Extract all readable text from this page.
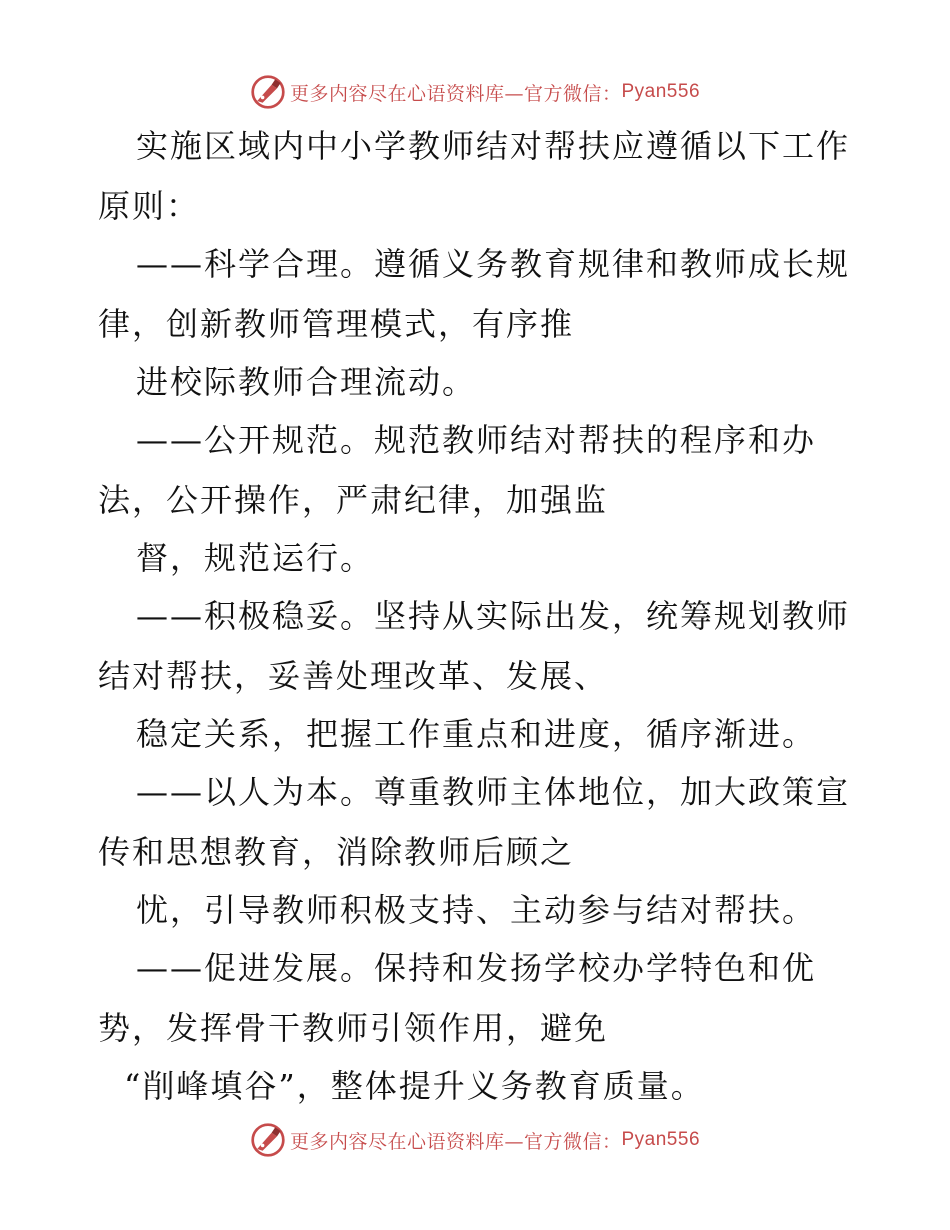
更多内容尽在心语资料库—官方微信： Pyan556
实施区域内中小学教师结对帮扶应遵循以下工作
原则：
——科学合理。遵循义务教育规律和教师成长规
律，创新教师管理模式，有序推
进校际教师合理流动。
——公开规范。规范教师结对帮扶的程序和办
法，公开操作，严肃纪律，加强监
督，规范运行。
——积极稳妥。坚持从实际出发，统筹规划教师
结对帮扶，妥善处理改革、发展、
稳定关系，把握工作重点和进度，循序渐进。
——以人为本。尊重教师主体地位，加大政策宣
传和思想教育，消除教师后顾之
忧，引导教师积极支持、主动参与结对帮扶。
——促进发展。保持和发扬学校办学特色和优
势，发挥骨干教师引领作用，避免
“削峰填谷”，整体提升义务教育质量。
更多内容尽在心语资料库—官方微信： Pyan556
